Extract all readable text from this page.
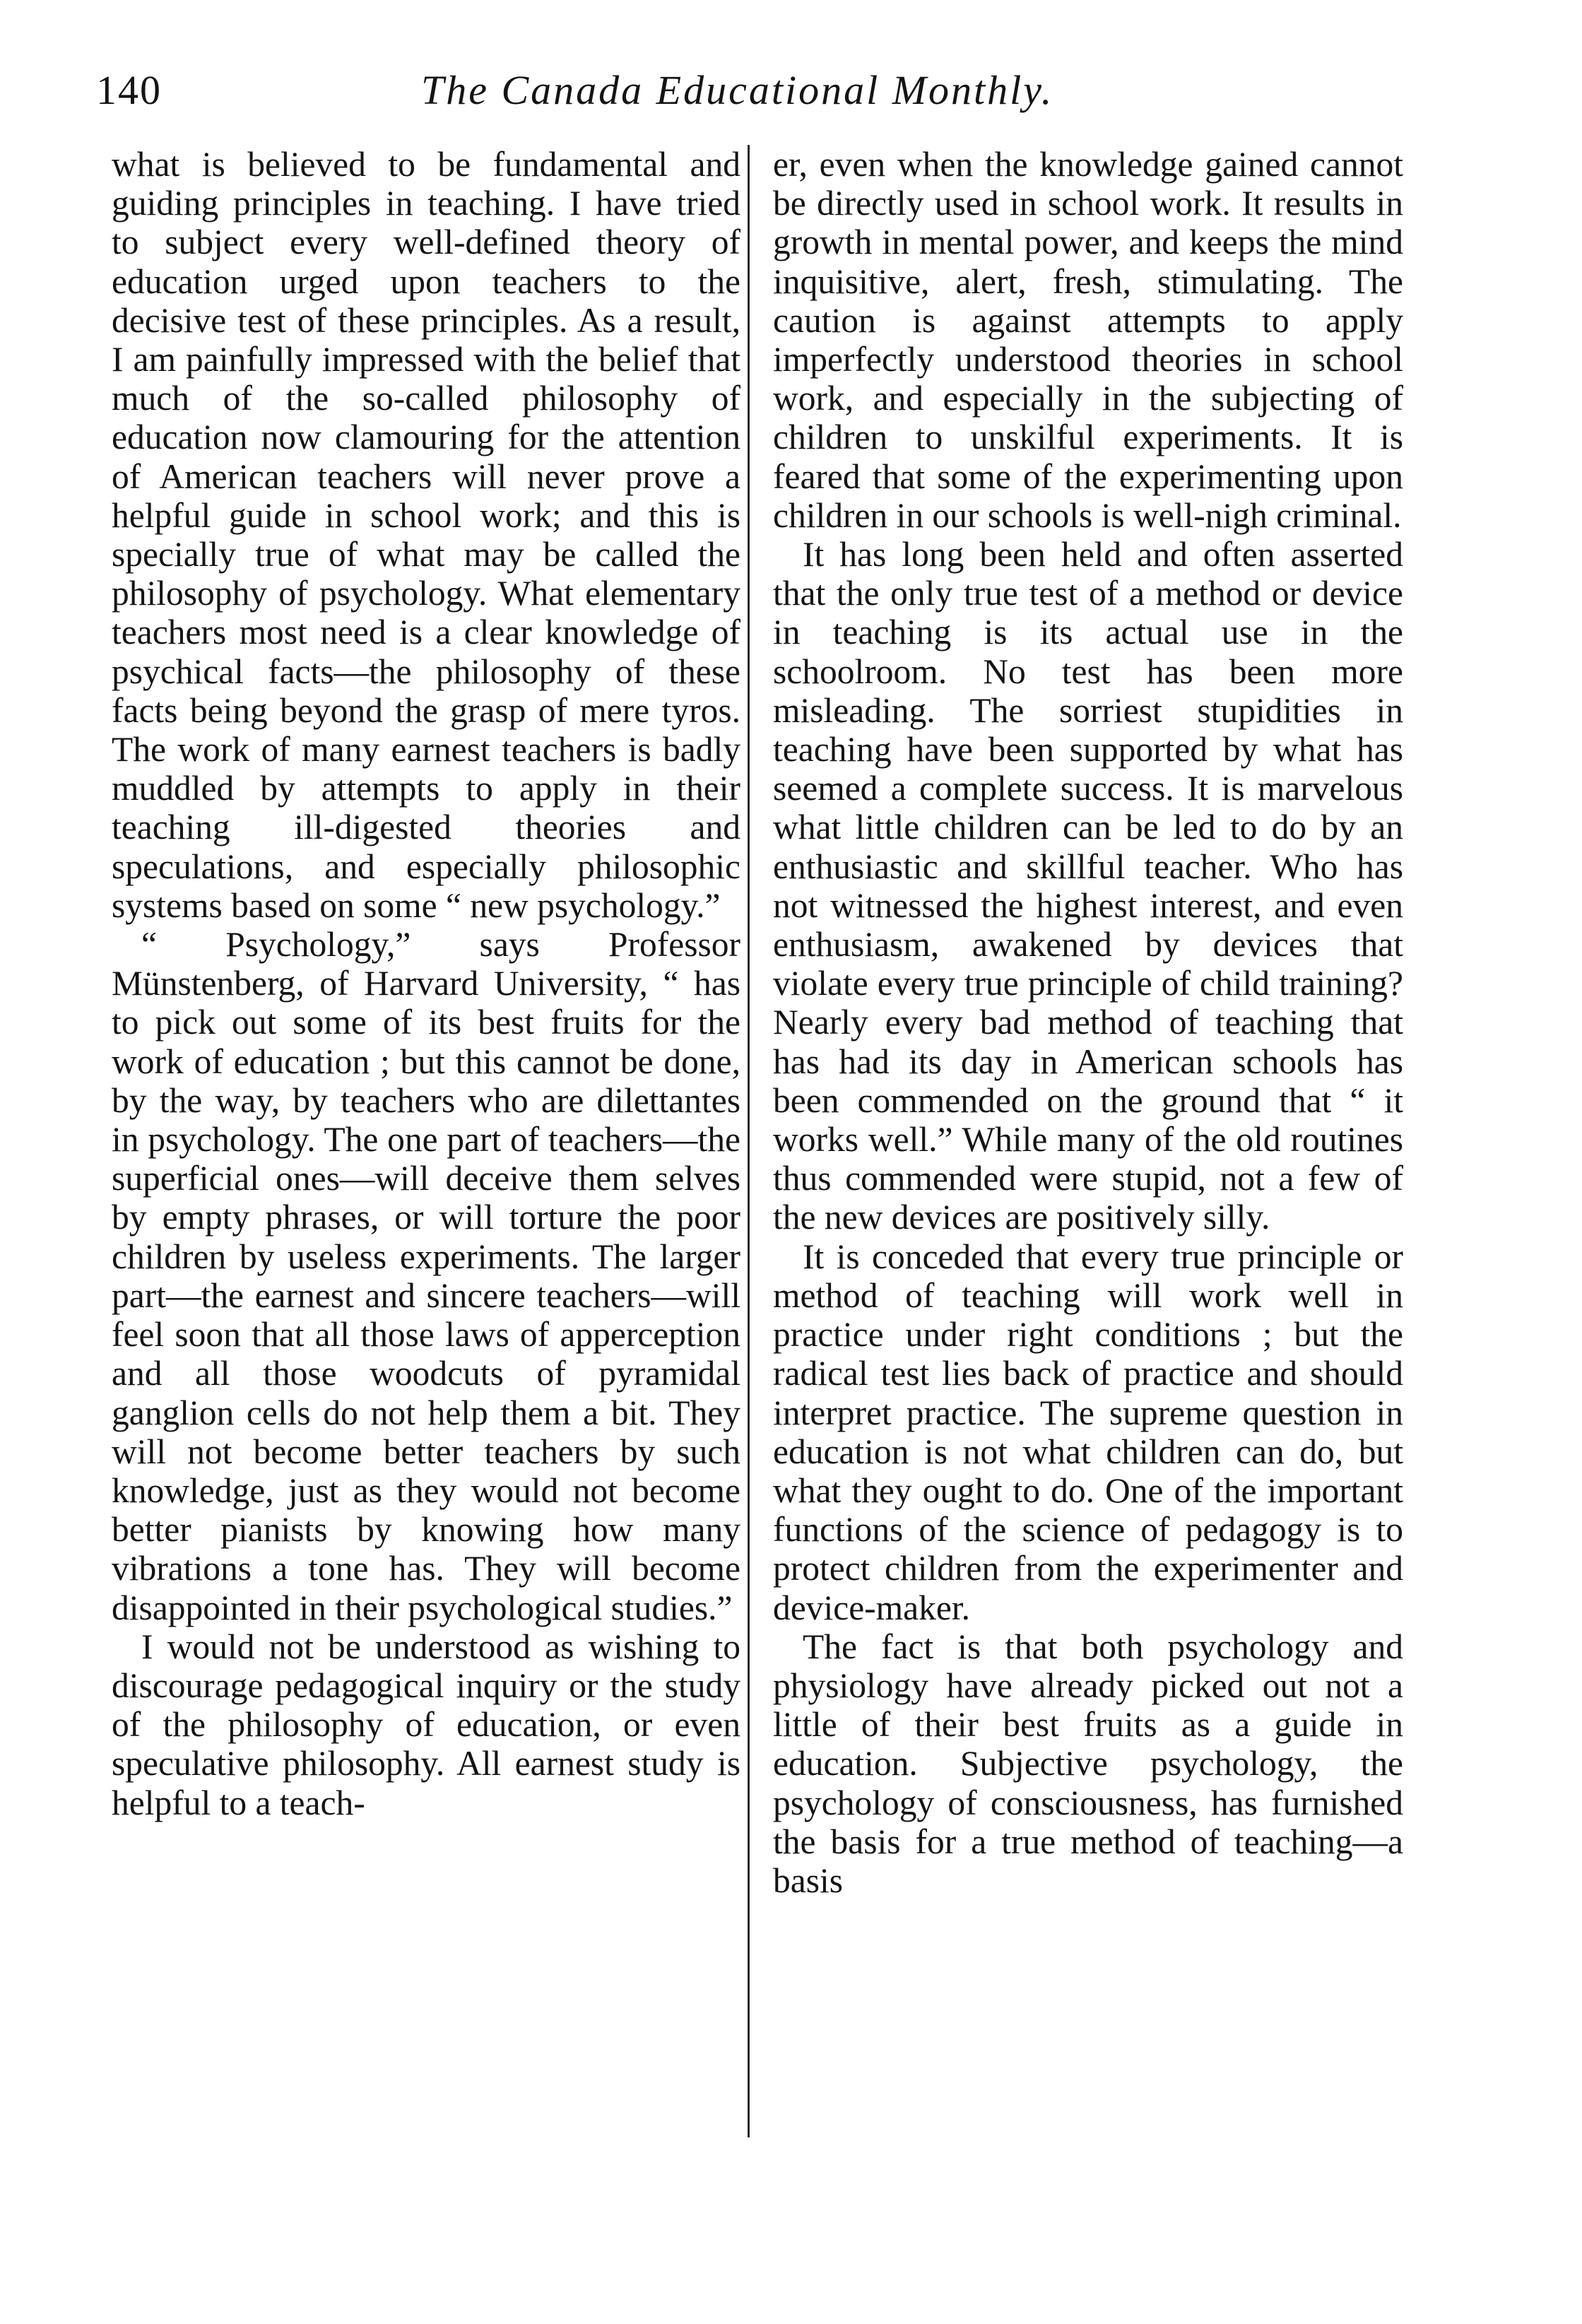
140	The Canada Educational Monthly.

what is believed to be fundamental and guiding principles in teaching. I have tried to subject every well-defined theory of education urged upon teachers to the decisive test of these principles. As a result, I am painfully impressed with the belief that much of the so-called philosophy of education now clamouring for the attention of American teachers will never prove a helpful guide in school work; and this is specially true of what may be called the philosophy of psychology. What elementary teachers most need is a clear knowledge of psychical facts—the philosophy of these facts being beyond the grasp of mere tyros. The work of many earnest teachers is badly muddled by attempts to apply in their teaching ill-digested theories and speculations, and especially philosophic systems based on some “ new psychology.”

“ Psychology,” says Professor Münstenberg, of Harvard University, “ has to pick out some of its best fruits for the work of education ; but this cannot be done, by the way, by teachers who are dilettantes in psychology. The one part of teachers—the superficial ones—will deceive them selves by empty phrases, or will torture the poor children by useless experiments. The larger part—the earnest and sincere teachers—will feel soon that all those laws of apperception and all those woodcuts of pyramidal ganglion cells do not help them a bit. They will not become better teachers by such knowledge, just as they would not become better pianists by knowing how many vibrations a tone has. They will become disappointed in their psychological studies.”

I would not be understood as wishing to discourage pedagogical inquiry or the study of the philosophy of education, or even speculative philosophy. All earnest study is helpful to a teach-

er, even when the knowledge gained cannot be directly used in school work. It results in growth in mental power, and keeps the mind inquisitive, alert, fresh, stimulating. The caution is against attempts to apply imperfectly understood theories in school work, and especially in the subjecting of children to unskilful experiments. It is feared that some of the experimenting upon children in our schools is well-nigh criminal.

It has long been held and often asserted that the only true test of a method or device in teaching is its actual use in the schoolroom. No test has been more misleading. The sorriest stupidities in teaching have been supported by what has seemed a complete success. It is marvelous what little children can be led to do by an enthusiastic and skillful teacher. Who has not witnessed the highest interest, and even enthusiasm, awakened by devices that violate every true principle of child training? Nearly every bad method of teaching that has had its day in American schools has been commended on the ground that “ it works well.” While many of the old routines thus commended were stupid, not a few of the new devices are positively silly.

It is conceded that every true principle or method of teaching will work well in practice under right conditions ; but the radical test lies back of practice and should interpret practice. The supreme question in education is not what children can do, but what they ought to do. One of the important functions of the science of pedagogy is to protect children from the experimenter and device-maker.

The fact is that both psychology and physiology have already picked out not a little of their best fruits as a guide in education. Subjective psychology, the psychology of consciousness, has furnished the basis for a true method of teaching—a basis
